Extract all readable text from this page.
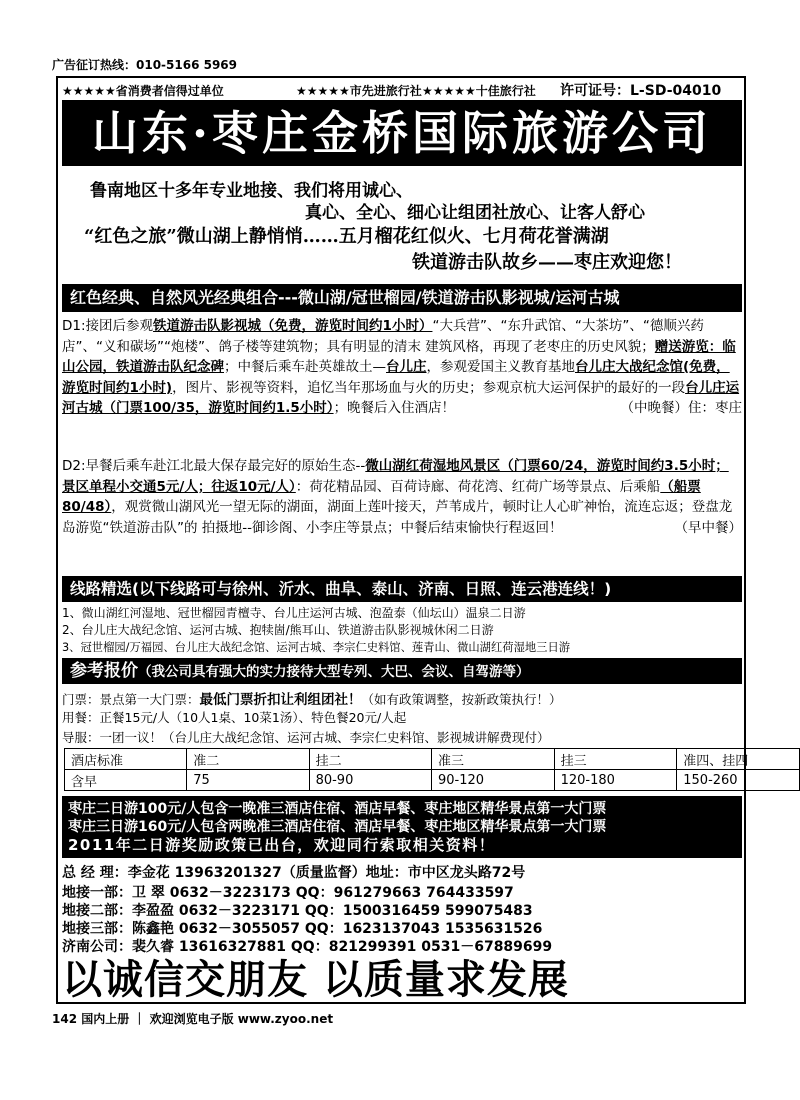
广告征订热线：010-5166 5969
★★★★★省消费者信得过单位	★★★★★市先进旅行社 ★★★★★十佳旅行社 许可证号：L-SD-04010
山东·枣庄金桥国际旅游公司
鲁南地区十多年专业地接、我们将用诚心、
真心、全心、细心让组团社放心、让客人舒心
“红色之旅”微山湖上静悄悄……五月榴花红似火、七月荷花誉满湖
铁道游击队故乡——枣庄欢迎您！
红色经典、自然风光经典组合---微山湖/冠世榴园/铁道游击队影视城/运河古城
D1:接团后参观铁道游击队影视城（免费，游览时间约1小时）“大兵营”、“东升武馆、“大茶坊”、“德顺兴药店”、“义和碳场”“炮楼”、鸽子楼等建筑物；具有明显的清末 建筑风格，再现了老枣庄的历史风貌；赠送游览：临山公园，铁道游击队纪念碑；中餐后乘车赴英雄故土—台儿庄，参观爱国主义教育基地台儿庄大战纪念馆(免费，游览时间约1小时)，图片、影视等资料，追忆当年那场血与火的历史；参观京杭大运河保护的最好的一段台儿庄运河古城（门票100/35，游览时间约1.5小时）；晚餐后入住酒店！	（中晚餐）住：枣庄
D2:早餐后乘车赴江北最大保存最完好的原始生态--微山湖红荷湿地风景区（门票60/24，游览时间约3.5小时；景区单程小交通5元/人；往返10元/人）：荷花精品园、百荷诗廊、荷花湾、红荷广场等景点、后乘船（船票80/48），观赏微山湖风光一望无际的湖面，湖面上莲叶接天，芦苇成片，顿时让人心旷神怡，流连忘返；登盘龙岛游览“铁道游击队”的 拍摄地--御诊阁、小李庄等景点；中餐后结束愉快行程返回！	（早中餐）
线路精选(以下线路可与徐州、沂水、曲阜、泰山、济南、日照、连云港连线！)
1、微山湖红河湿地、冠世榴园青檀寺、台儿庄运河古城、泡盈泰（仙坛山）温泉二日游
2、台儿庄大战纪念馆、运河古城、抱犊崮/熊耳山、铁道游击队影视城休闲二日游
3、冠世榴园/万福园、台儿庄大战纪念馆、运河古城、李宗仁史料馆、莲青山、微山湖红荷湿地三日游
参考报价（我公司具有强大的实力接待大型专列、大巴、会议、自驾游等）
门票：景点第一大门票：最低门票折扣让利组团社！（如有政策调整，按新政策执行！）
用餐：正餐15元/人（10人1桌、10菜1汤）、特色餐20元/人起
导服：一团一议！（台儿庄大战纪念馆、运河古城、李宗仁史料馆、影视城讲解费现付）
酒店标准	准二	挂二	准三	挂三	准四、挂四
含早	75	80-90	90-120	120-180	150-260
枣庄二日游100元/人包含一晚准三酒店住宿、酒店早餐、枣庄地区精华景点第一大门票
枣庄三日游160元/人包含两晚准三酒店住宿、酒店早餐、枣庄地区精华景点第一大门票
2011年二日游奖励政策已出台，欢迎同行索取相关资料！
总 经 理：李金花 13963201327（质量监督）地址：市中区龙头路72号
地接一部：卫 翠 0632－3223173 QQ：961279663 764433597
地接二部：李盈盈 0632－3223171 QQ：1500316459 599075483
地接三部：陈鑫艳 0632－3055057 QQ：1623137043 1535631526
济南公司：裴久睿 13616327881 QQ：821299391 0531－67889699
以诚信交朋友 以质量求发展
142 国内上册 ｜ 欢迎浏览电子版 www.zyoo.net
